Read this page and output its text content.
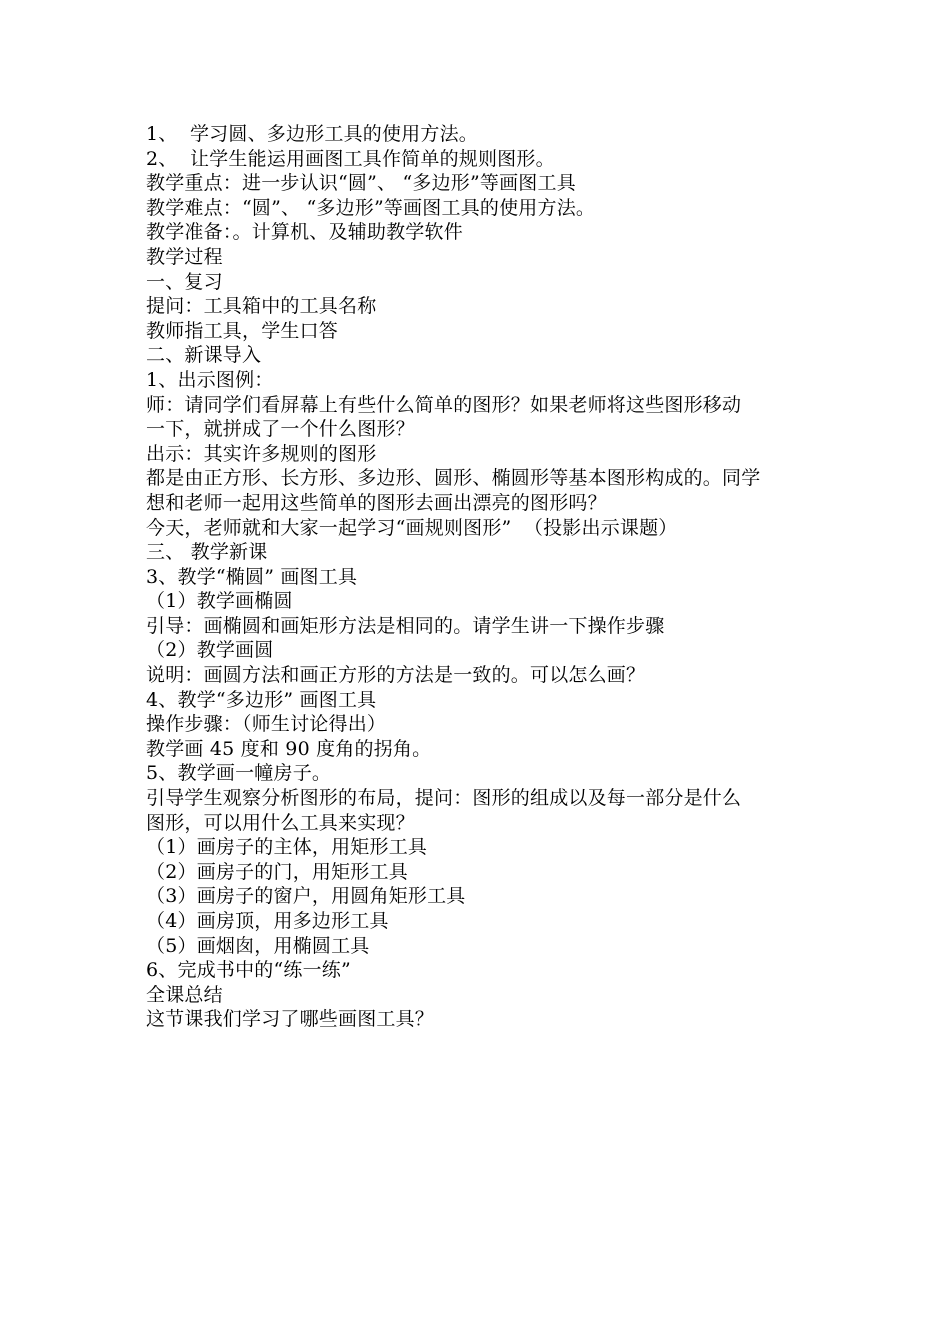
1、  学习圆、多边形工具的使用方法。
2、  让学生能运用画图工具作简单的规则图形。
教学重点：进一步认识“圆”、 “多边形”等画图工具
教学难点：“圆”、 “多边形”等画图工具的使用方法。
教学准备：。计算机、及辅助教学软件
教学过程
一、复习
提问：工具箱中的工具名称
教师指工具，学生口答
二、新课导入
1、出示图例：
师：请同学们看屏幕上有些什么简单的图形？如果老师将这些图形移动
一下，就拼成了一个什么图形？
出示：其实许多规则的图形
都是由正方形、长方形、多边形、圆形、椭圆形等基本图形构成的。同学
想和老师一起用这些简单的图形去画出漂亮的图形吗？
今天，老师就和大家一起学习“画规则图形”  （投影出示课题）
三、 教学新课
3、教学“椭圆” 画图工具
（1）教学画椭圆
引导：画椭圆和画矩形方法是相同的。请学生讲一下操作步骤
（2）教学画圆
说明：画圆方法和画正方形的方法是一致的。可以怎么画？
4、教学“多边形” 画图工具
操作步骤：（师生讨论得出）
教学画 45 度和 90 度角的拐角。
5、教学画一幢房子。
引导学生观察分析图形的布局，提问：图形的组成以及每一部分是什么
图形，可以用什么工具来实现？
（1）画房子的主体，用矩形工具
（2）画房子的门，用矩形工具
（3）画房子的窗户，用圆角矩形工具
（4）画房顶，用多边形工具
（5）画烟囱，用椭圆工具
6、完成书中的“练一练”
全课总结
这节课我们学习了哪些画图工具？
